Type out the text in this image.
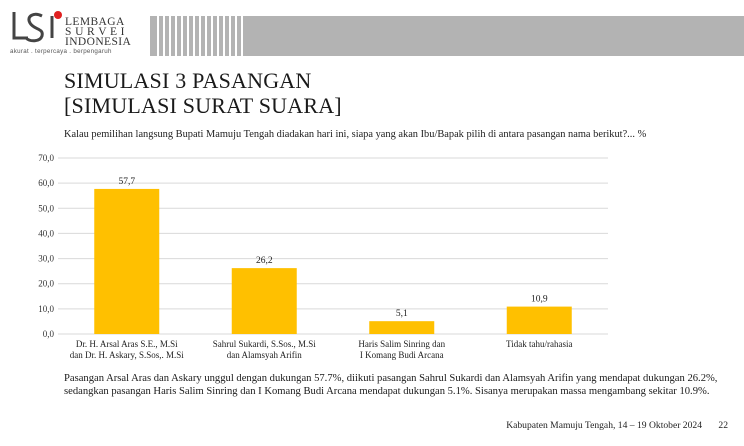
LEMBAGA
S U R V E I
INDONESIA
akurat . terpercaya . berpengaruh
SIMULASI 3 PASANGAN
[SIMULASI SURAT SUARA]
Kalau pemilihan langsung Bupati Mamuju Tengah diadakan hari ini, siapa yang akan Ibu/Bapak pilih di antara pasangan nama berikut?... %
0,0
10,0
20,0
30,0
40,0
50,0
60,0
70,0
57,7
Dr. H. Arsal Aras S.E., M.Si
dan Dr. H. Askary, S.Sos,. M.Si
26,2
Sahrul Sukardi, S.Sos., M.Si
dan Alamsyah Arifin
5,1
Haris Salim Sinring dan
I Komang Budi Arcana
10,9
Tidak tahu/rahasia
Pasangan Arsal Aras dan Askary unggul dengan dukungan 57.7%, diikuti pasangan Sahrul Sukardi dan Alamsyah Arifin yang mendapat dukungan 26.2%, sedangkan pasangan Haris Salim Sinring dan I Komang Budi Arcana mendapat dukungan 5.1%. Sisanya merupakan massa mengambang sekitar 10.9%.
Kabupaten Mamuju Tengah, 14 – 19 Oktober 2024 22
